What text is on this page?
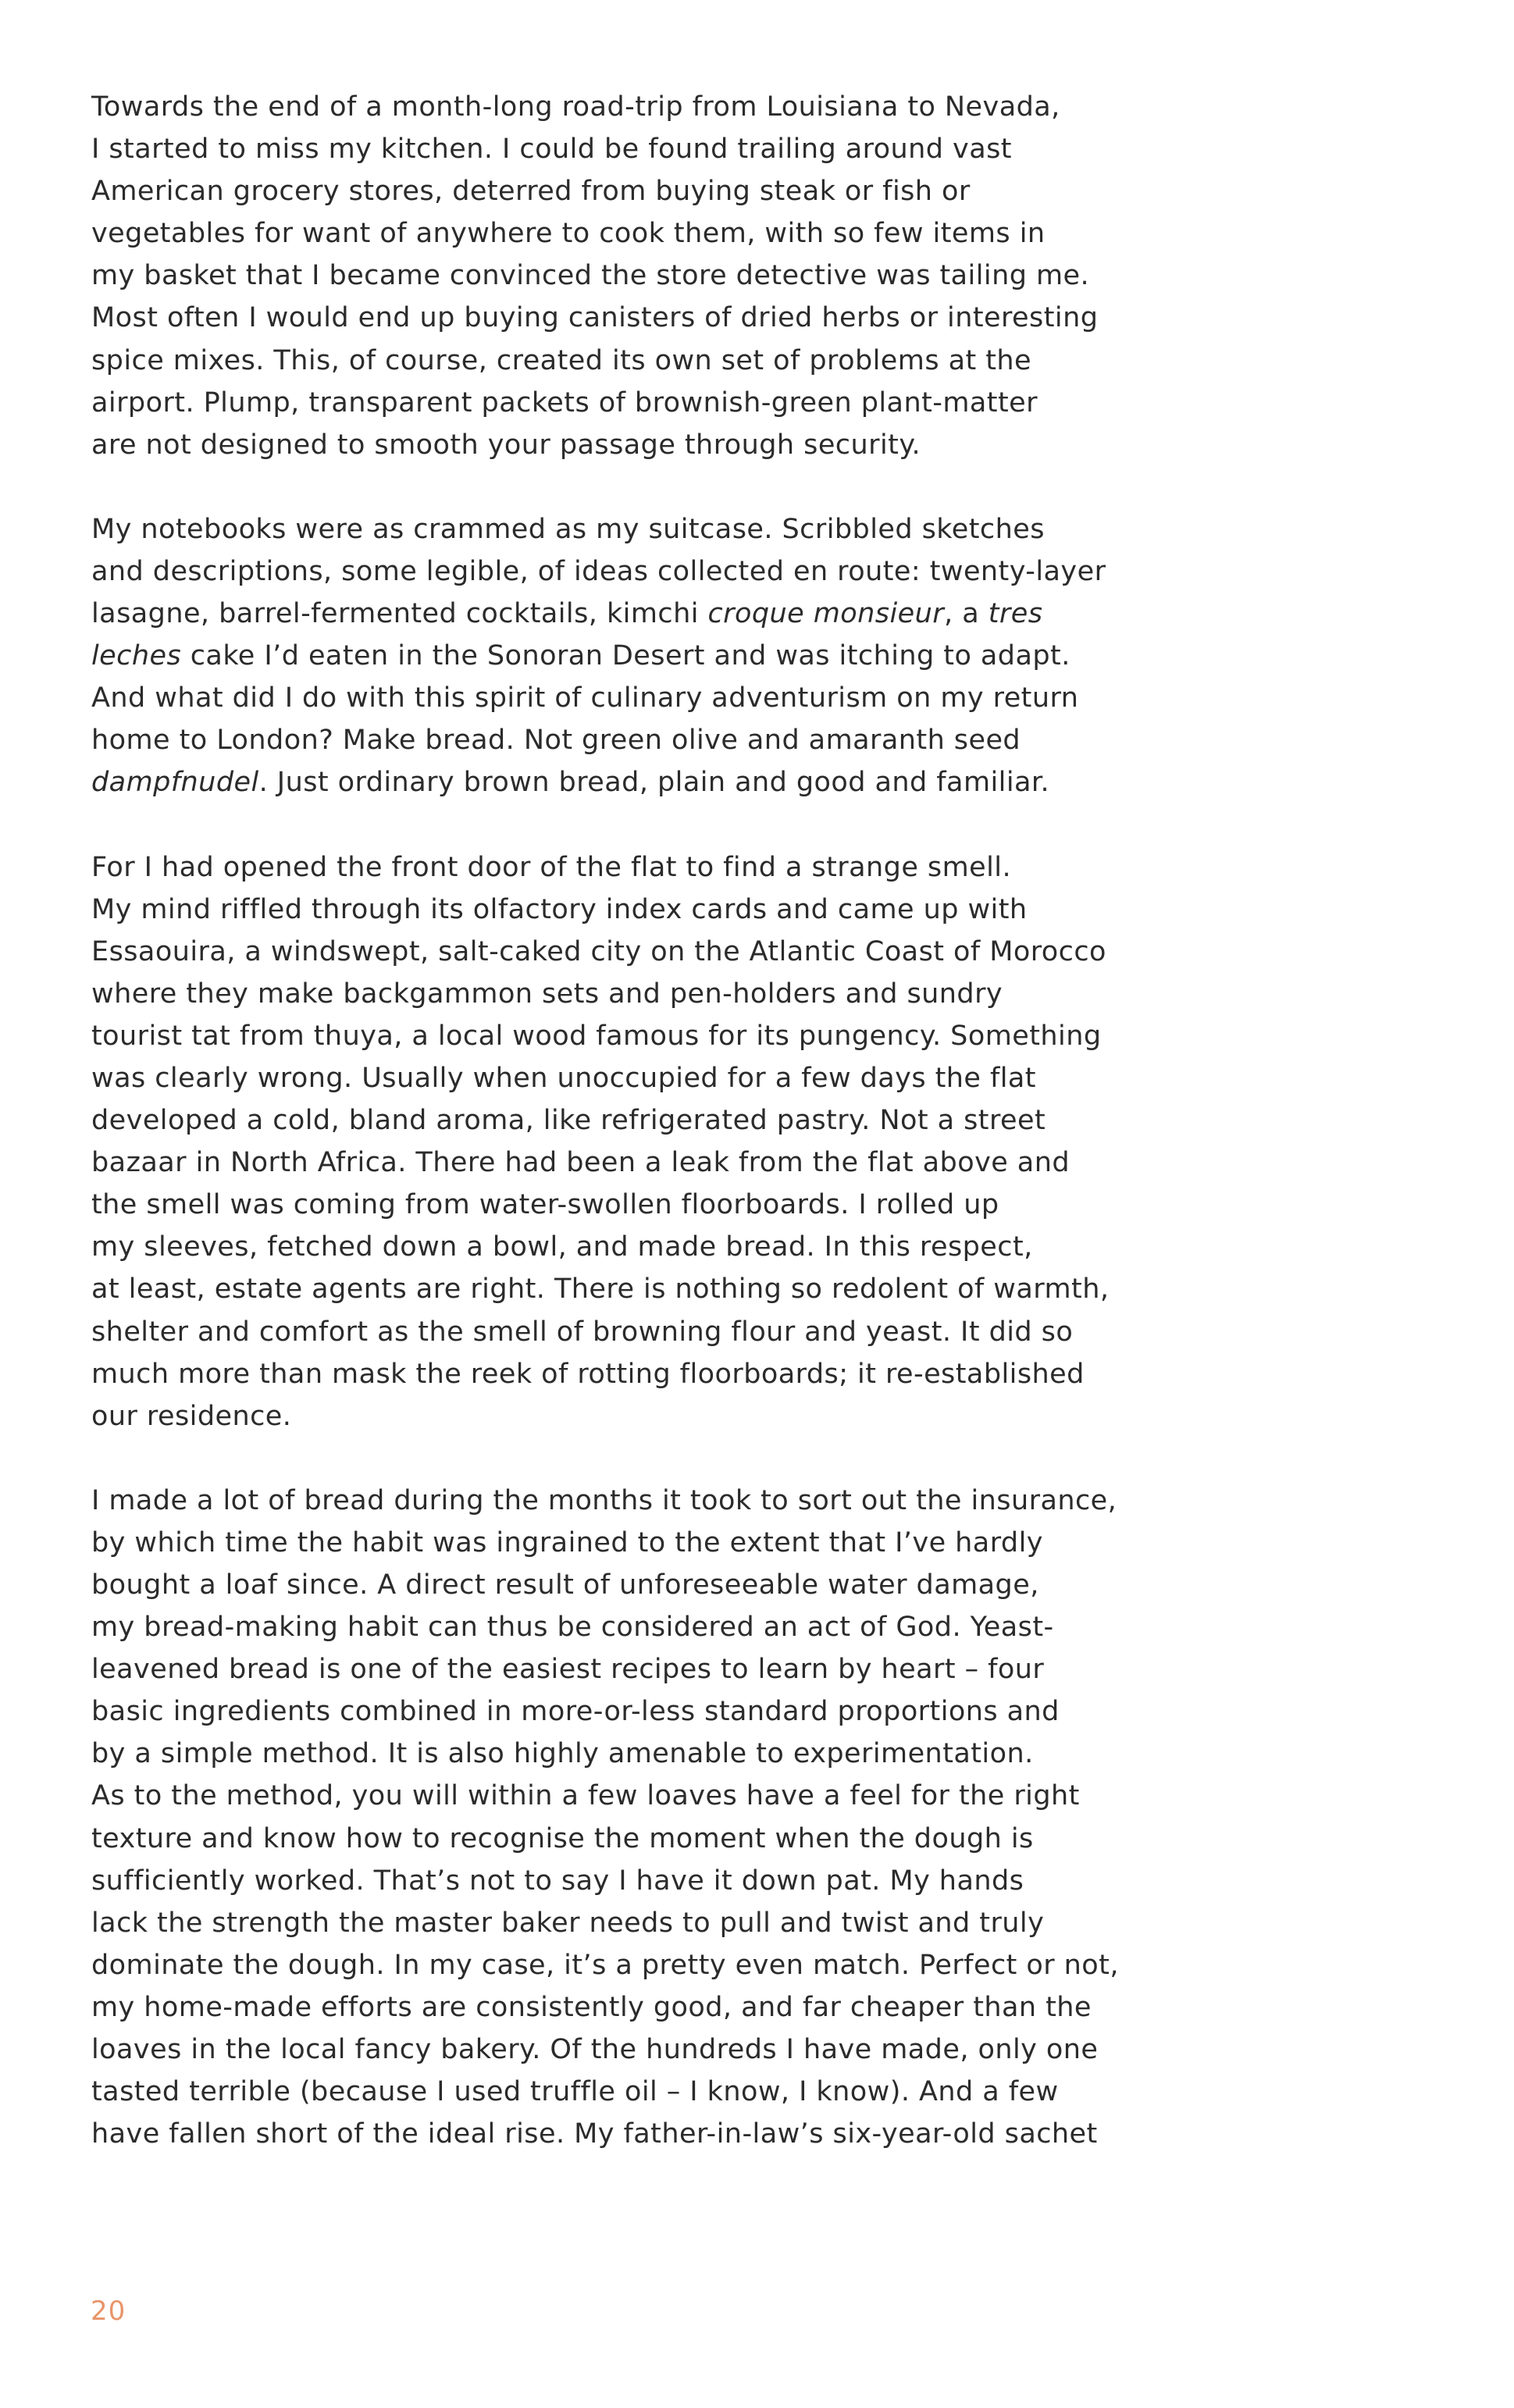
Towards the end of a month-long road-trip from Louisiana to Nevada,
I started to miss my kitchen. I could be found trailing around vast
American grocery stores, deterred from buying steak or fish or
vegetables for want of anywhere to cook them, with so few items in
my basket that I became convinced the store detective was tailing me.
Most often I would end up buying canisters of dried herbs or interesting
spice mixes. This, of course, created its own set of problems at the
airport. Plump, transparent packets of brownish-green plant-matter
are not designed to smooth your passage through security.
My notebooks were as crammed as my suitcase. Scribbled sketches
and descriptions, some legible, of ideas collected en route: twenty-layer
lasagne, barrel-fermented cocktails, kimchi croque monsieur, a tres
leches cake I’d eaten in the Sonoran Desert and was itching to adapt.
And what did I do with this spirit of culinary adventurism on my return
home to London? Make bread. Not green olive and amaranth seed
dampfnudel. Just ordinary brown bread, plain and good and familiar.
For I had opened the front door of the flat to find a strange smell.
My mind riffled through its olfactory index cards and came up with
Essaouira, a windswept, salt-caked city on the Atlantic Coast of Morocco
where they make backgammon sets and pen-holders and sundry
tourist tat from thuya, a local wood famous for its pungency. Something
was clearly wrong. Usually when unoccupied for a few days the flat
developed a cold, bland aroma, like refrigerated pastry. Not a street
bazaar in North Africa. There had been a leak from the flat above and
the smell was coming from water-swollen floorboards. I rolled up
my sleeves, fetched down a bowl, and made bread. In this respect,
at least, estate agents are right. There is nothing so redolent of warmth,
shelter and comfort as the smell of browning flour and yeast. It did so
much more than mask the reek of rotting floorboards; it re-established
our residence.
I made a lot of bread during the months it took to sort out the insurance,
by which time the habit was ingrained to the extent that I’ve hardly
bought a loaf since. A direct result of unforeseeable water damage,
my bread-making habit can thus be considered an act of God. Yeast-
leavened bread is one of the easiest recipes to learn by heart – four
basic ingredients combined in more-or-less standard proportions and
by a simple method. It is also highly amenable to experimentation.
As to the method, you will within a few loaves have a feel for the right
texture and know how to recognise the moment when the dough is
sufficiently worked. That’s not to say I have it down pat. My hands
lack the strength the master baker needs to pull and twist and truly
dominate the dough. In my case, it’s a pretty even match. Perfect or not,
my home-made efforts are consistently good, and far cheaper than the
loaves in the local fancy bakery. Of the hundreds I have made, only one
tasted terrible (because I used truffle oil – I know, I know). And a few
have fallen short of the ideal rise. My father-in-law’s six-year-old sachet
20
